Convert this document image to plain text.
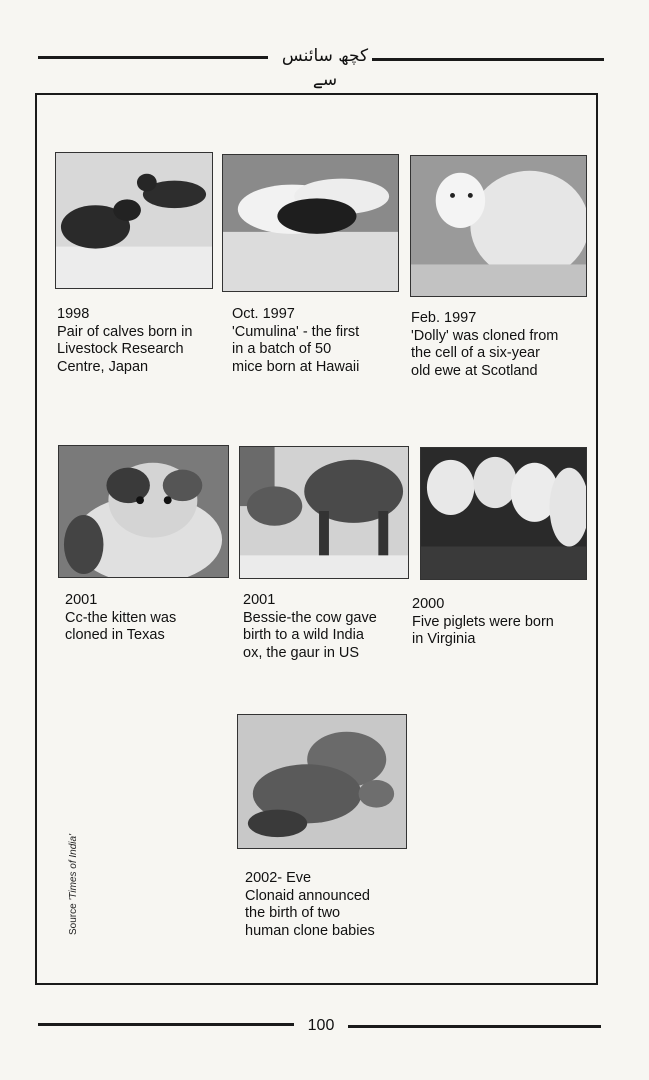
کچھ سائنس سے
1998
Pair of calves born in
Livestock Research
Centre, Japan
Oct. 1997
'Cumulina' - the first
in a batch of 50
mice born at Hawaii
Feb. 1997
'Dolly' was cloned from
the cell of a six-year
old ewe at Scotland
2001
Cc-the kitten was
cloned in Texas
2001
Bessie-the cow gave
birth to a wild India
ox, the gaur in US
2000
Five piglets were born
in Virginia
2002- Eve
Clonaid announced
the birth of two
human clone babies
Source 'Times of India'
100
